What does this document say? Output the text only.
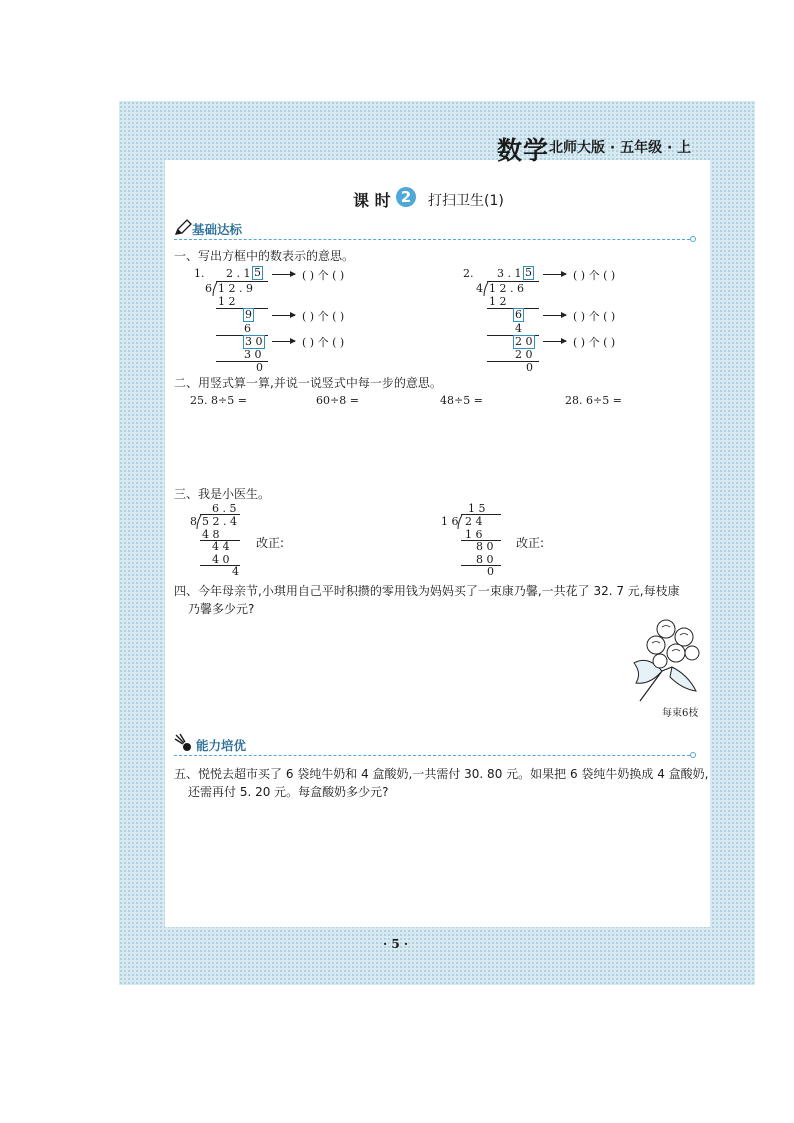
数学 北师大版 · 五年级 · 上
课 时 2	打扫卫生(1)
基础达标
一、写出方框中的数表示的意思。
1. 2 . 1 5
6 1 2 . 9
1 2
9
6
3 0
3 0
0
( ) 个 ( )
( ) 个 ( )
( ) 个 ( )
2. 3 . 1 5
4 1 2 . 6
1 2
6
4
2 0
2 0
0
( ) 个 ( )
( ) 个 ( )
( ) 个 ( )
二、用竖式算一算,并说一说竖式中每一步的意思。
25. 8÷5 =	60÷8 =	48÷5 =	28. 6÷5 =
三、我是小医生。
6 . 5
8 5 2 . 4
4 8
4 4
4 0
4
改正:
1 5
1 6 2 4
1 6
8 0
8 0
0
改正:
四、今年母亲节,小琪用自己平时积攒的零用钱为妈妈买了一束康乃馨,一共花了 32. 7 元,每枝康
乃馨多少元?
每束6枝
能力培优
五、悦悦去超市买了 6 袋纯牛奶和 4 盒酸奶,一共需付 30. 80 元。如果把 6 袋纯牛奶换成 4 盒酸奶,
还需再付 5. 20 元。每盒酸奶多少元?
· 5 ·
